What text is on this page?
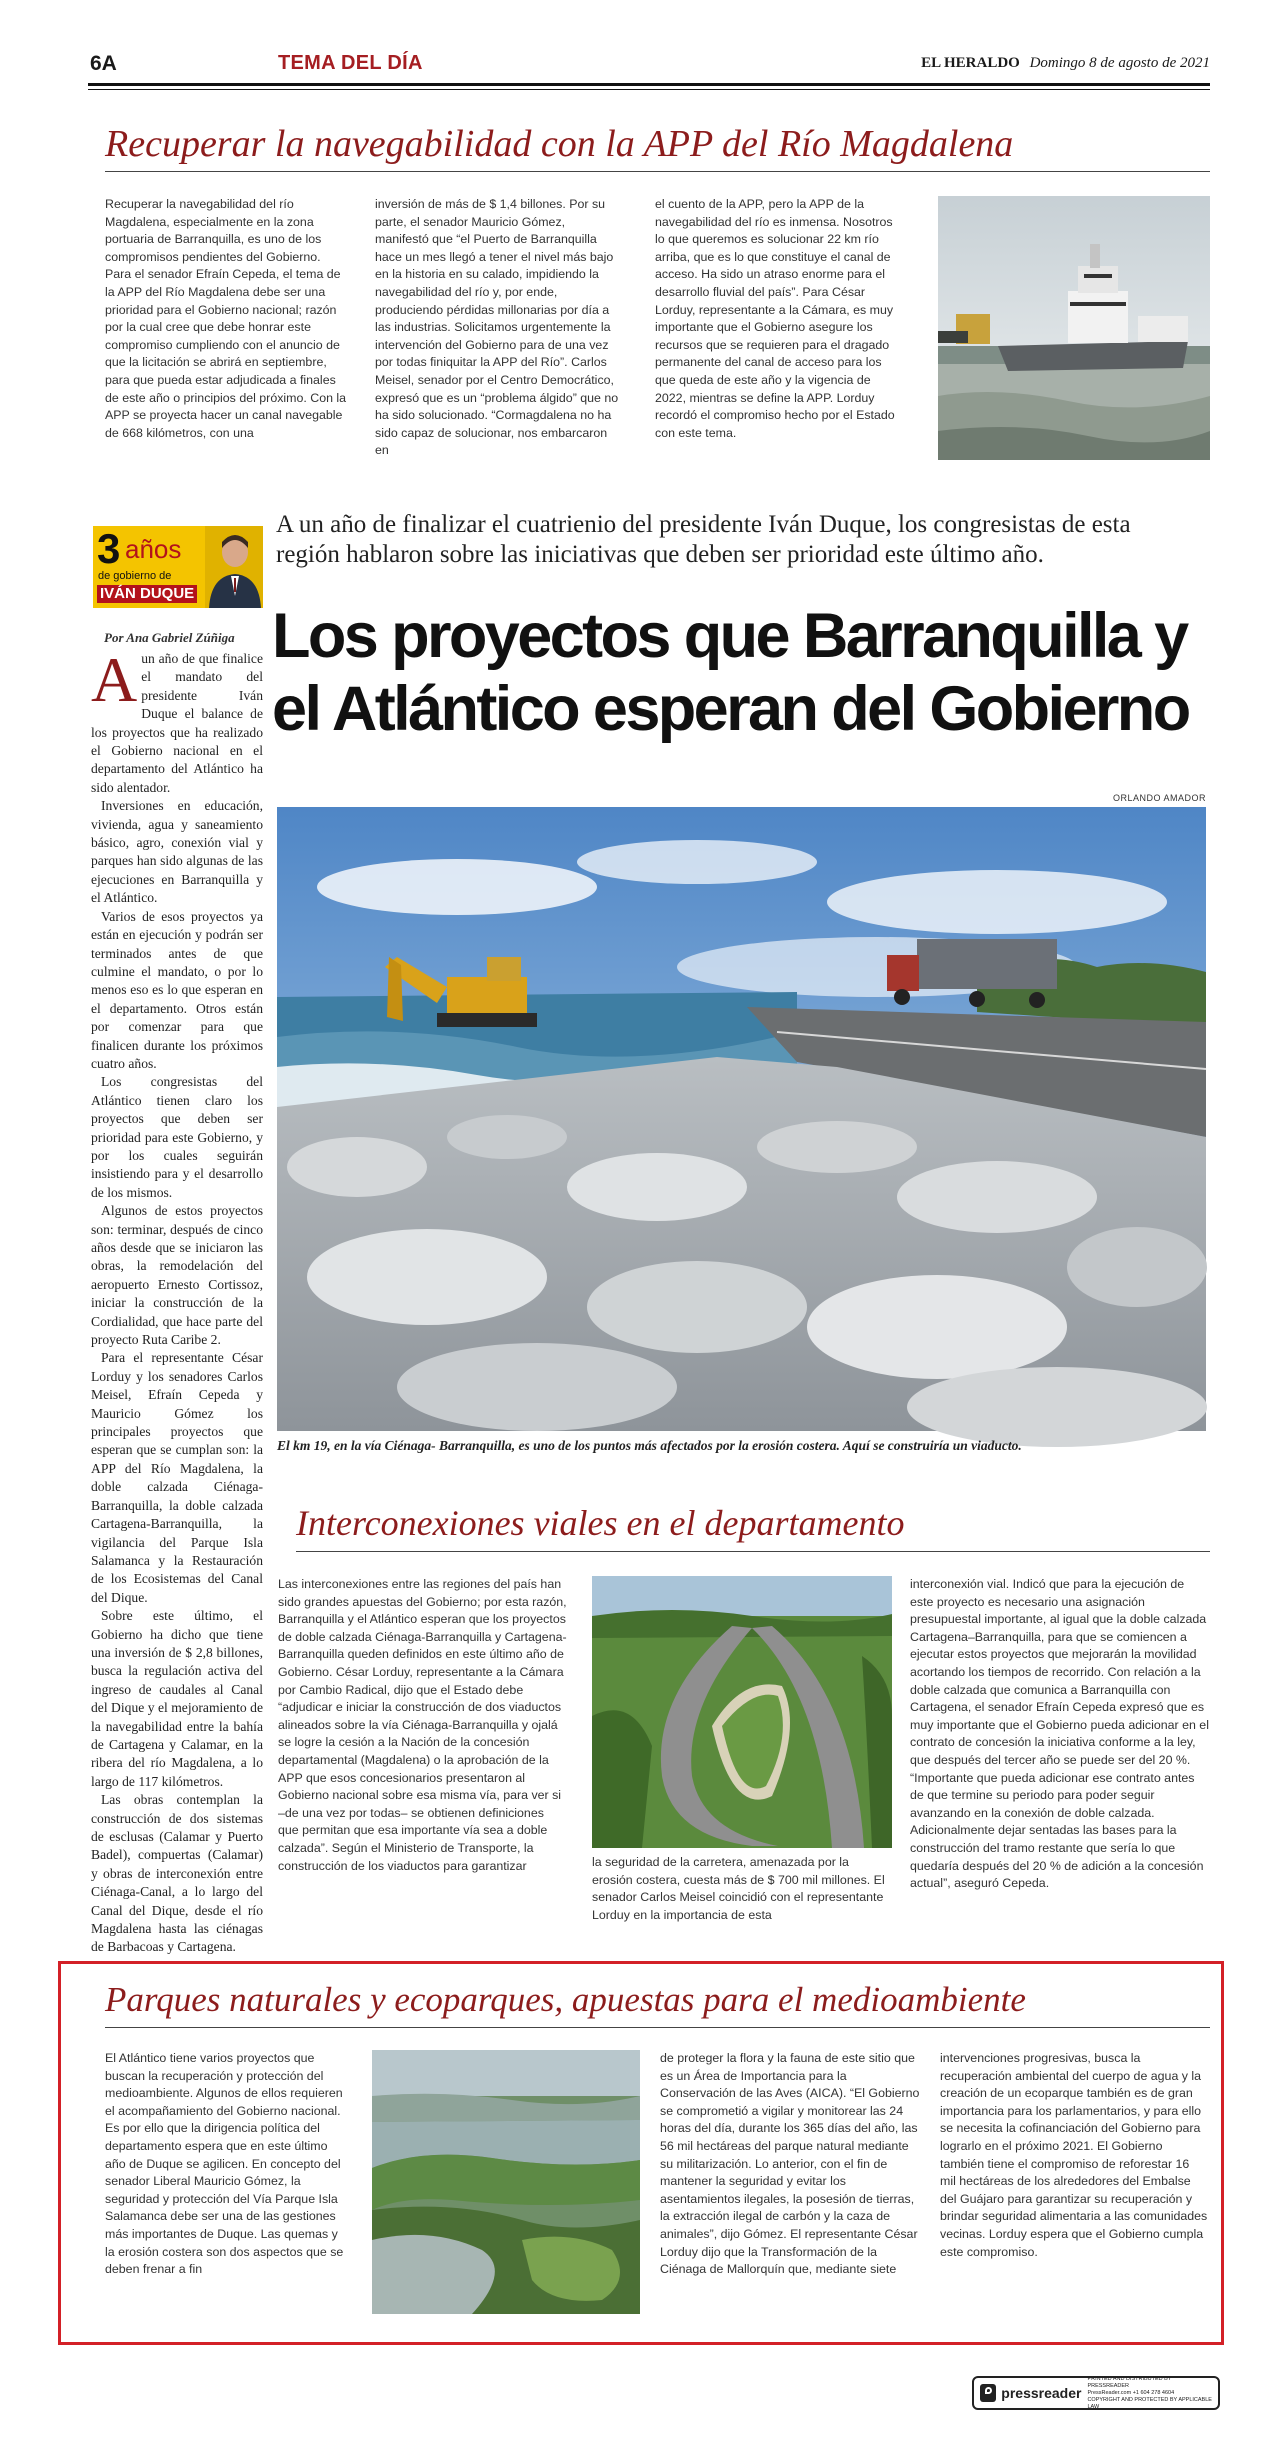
6A	TEMA DEL DÍA	EL HERALDO Domingo 8 de agosto de 2021
Recuperar la navegabilidad con la APP del Río Magdalena
Recuperar la navegabilidad del río Magdalena, especialmente en la zona portuaria de Barranquilla, es uno de los compromisos pendientes del Gobierno. Para el senador Efraín Cepeda, el tema de la APP del Río Magdalena debe ser una prioridad para el Gobierno nacional; razón por la cual cree que debe honrar este compromiso cumpliendo con el anuncio de que la licitación se abrirá en septiembre, para que pueda estar adjudicada a finales de este año o principios del próximo. Con la APP se proyecta hacer un canal navegable de 668 kilómetros, con una
inversión de más de $ 1,4 billones. Por su parte, el senador Mauricio Gómez, manifestó que “el Puerto de Barranquilla hace un mes llegó a tener el nivel más bajo en la historia en su calado, impidiendo la navegabilidad del río y, por ende, produciendo pérdidas millonarias por día a las industrias. Solicitamos urgentemente la intervención del Gobierno para de una vez por todas finiquitar la APP del Río”. Carlos Meisel, senador por el Centro Democrático, expresó que es un “problema álgido” que no ha sido solucionado. “Cormagdalena no ha sido capaz de solucionar, nos embarcaron en
el cuento de la APP, pero la APP de la navegabilidad del río es inmensa. Nosotros lo que queremos es solucionar 22 km río arriba, que es lo que constituye el canal de acceso. Ha sido un atraso enorme para el desarrollo fluvial del país”. Para César Lorduy, representante a la Cámara, es muy importante que el Gobierno asegure los recursos que se requieren para el dragado permanente del canal de acceso para los que queda de este año y la vigencia de 2022, mientras se define la APP. Lorduy recordó el compromiso hecho por el Estado con este tema.
3 años
de gobierno de
IVÁN DUQUE
Por Ana Gabriel Zúñiga
A un año de finalizar el cuatrienio del presidente Iván Duque, los congresistas de esta región hablaron sobre las iniciativas que deben ser prioridad este último año.
Los proyectos que Barranquilla y
el Atlántico esperan del Gobierno
ORLANDO AMADOR
El km 19, en la vía Ciénaga- Barranquilla, es uno de los puntos más afectados por la erosión costera. Aquí se construiría un viaducto.

Aun año de que finalice el mandato del presidente Iván Duque el balance de los proyectos que ha realizado el Gobierno nacional en el departamento del Atlántico ha sido alentador.

Inversiones en educación, vivienda, agua y saneamiento básico, agro, conexión vial y parques han sido algunas de las ejecuciones en Barranquilla y el Atlántico.

Varios de esos proyectos ya están en ejecución y podrán ser terminados antes de que culmine el mandato, o por lo menos eso es lo que esperan en el departamento. Otros están por comenzar para que finalicen durante los próximos cuatro años.

Los congresistas del Atlántico tienen claro los proyectos que deben ser prioridad para este Gobierno, y por los cuales seguirán insistiendo para y el desarrollo de los mismos.

Algunos de estos proyectos son: terminar, después de cinco años desde que se iniciaron las obras, la remodelación del aeropuerto Ernesto Cortissoz, iniciar la construcción de la Cordialidad, que hace parte del proyecto Ruta Caribe 2.

Para el representante César Lorduy y los senadores Carlos Meisel, Efraín Cepeda y Mauricio Gómez los principales proyectos que esperan que se cumplan son: la APP del Río Magdalena, la doble calzada Ciénaga-Barranquilla, la doble calzada Cartagena-Barranquilla, la vigilancia del Parque Isla Salamanca y la Restauración de los Ecosistemas del Canal del Dique.

Sobre este último, el Gobierno ha dicho que tiene una inversión de $ 2,8 billones, busca la regulación activa del ingreso de caudales al Canal del Dique y el mejoramiento de la navegabilidad entre la bahía de Cartagena y Calamar, en la ribera del río Magdalena, a lo largo de 117 kilómetros.

Las obras contemplan la construcción de dos sistemas de esclusas (Calamar y Puerto Badel), compuertas (Calamar) y obras de interconexión entre Ciénaga-Canal, a lo largo del Canal del Dique, desde el río Magdalena hasta las ciénagas de Barbacoas y Cartagena.

Interconexiones viales en el departamento
Las interconexiones entre las regiones del país han sido grandes apuestas del Gobierno; por esta razón, Barranquilla y el Atlántico esperan que los proyectos de doble calzada Ciénaga-Barranquilla y Cartagena-Barranquilla queden definidos en este último año de Gobierno. César Lorduy, representante a la Cámara por Cambio Radical, dijo que el Estado debe “adjudicar e iniciar la construcción de dos viaductos alineados sobre la vía Ciénaga-Barranquilla y ojalá se logre la cesión a la Nación de la concesión departamental (Magdalena) o la aprobación de la APP que esos concesionarios presentaron al Gobierno nacional sobre esa misma vía, para ver si –de una vez por todas– se obtienen definiciones que permitan que esa importante vía sea a doble calzada”. Según el Ministerio de Transporte, la construcción de los viaductos para garantizar	la seguridad de la carretera, amenazada por la erosión costera, cuesta más de $ 700 mil millones. El senador Carlos Meisel coincidió con el representante Lorduy en la importancia de esta
interconexión vial. Indicó que para la ejecución de este proyecto es necesario una asignación presupuestal importante, al igual que la doble calzada Cartagena–Barranquilla, para que se comiencen a ejecutar estos proyectos que mejorarán la movilidad acortando los tiempos de recorrido. Con relación a la doble calzada que comunica a Barranquilla con Cartagena, el senador Efraín Cepeda expresó que es muy importante que el Gobierno pueda adicionar en el contrato de concesión la iniciativa conforme a la ley, que después del tercer año se puede ser del 20 %. “Importante que pueda adicionar ese contrato antes de que termine su periodo para poder seguir avanzando en la conexión de doble calzada. Adicionalmente dejar sentadas las bases para la construcción del tramo restante que sería lo que quedaría después del 20 % de adición a la concesión actual”, aseguró Cepeda.
Parques naturales y ecoparques, apuestas para el medioambiente
El Atlántico tiene varios proyectos que buscan la recuperación y protección del medioambiente. Algunos de ellos requieren el acompañamiento del Gobierno nacional. Es por ello que la dirigencia política del departamento espera que en este último año de Duque se agilicen. En concepto del senador Liberal Mauricio Gómez, la seguridad y protección del Vía Parque Isla Salamanca debe ser una de las gestiones más importantes de Duque. Las quemas y la erosión costera son dos aspectos que se deben frenar a fin
de proteger la flora y la fauna de este sitio que es un Área de Importancia para la Conservación de las Aves (AICA). “El Gobierno se comprometió a vigilar y monitorear las 24 horas del día, durante los 365 días del año, las 56 mil hectáreas del parque natural mediante su militarización. Lo anterior, con el fin de mantener la seguridad y evitar los asentamientos ilegales, la posesión de tierras, la extracción ilegal de carbón y la caza de animales”, dijo Gómez. El representante César Lorduy dijo que la Transformación de la Ciénaga de Mallorquín que, mediante siete
intervenciones progresivas, busca la recuperación ambiental del cuerpo de agua y la creación de un ecoparque también es de gran importancia para los parlamentarios, y para ello se necesita la cofinanciación del Gobierno para lograrlo en el próximo 2021. El Gobierno también tiene el compromiso de reforestar 16 mil hectáreas de los alrededores del Embalse del Guájaro para garantizar su recuperación y brindar seguridad alimentaria a las comunidades vecinas. Lorduy espera que el Gobierno cumpla este compromiso.
pressreader
PRINTED AND DISTRIBUTED BY PRESSREADER
PressReader.com +1 604 278 4604
COPYRIGHT AND PROTECTED BY APPLICABLE LAW
